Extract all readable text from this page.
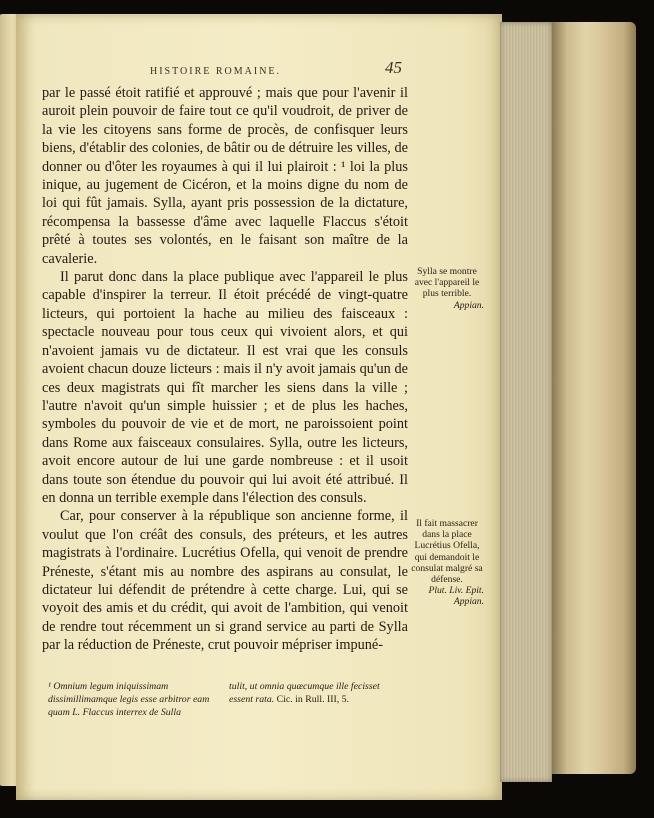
HISTOIRE ROMAINE.	45

par le passé étoit ratifié et approuvé ; mais que pour l'avenir il auroit plein pouvoir de faire tout ce qu'il voudroit, de priver de la vie les citoyens sans forme de procès, de confisquer leurs biens, d'établir des colonies, de bâtir ou de détruire les villes, de donner ou d'ôter les royaumes à qui il lui plairoit : ¹ loi la plus inique, au jugement de Cicéron, et la moins digne du nom de loi qui fût jamais. Sylla, ayant pris possession de la dictature, récompensa la bassesse d'âme avec laquelle Flaccus s'étoit prêté à toutes ses volontés, en le faisant son maître de la cavalerie.

Il parut donc dans la place publique avec l'appareil le plus capable d'inspirer la terreur. Il étoit précédé de vingt-quatre licteurs, qui portoient la hache au milieu des faisceaux : spectacle nouveau pour tous ceux qui vivoient alors, et qui n'avoient jamais vu de dictateur. Il est vrai que les consuls avoient chacun douze licteurs : mais il n'y avoit jamais qu'un de ces deux magistrats qui fît marcher les siens dans la ville ; l'autre n'avoit qu'un simple huissier ; et de plus les haches, symboles du pouvoir de vie et de mort, ne paroissoient point dans Rome aux faisceaux consulaires. Sylla, outre les licteurs, avoit encore autour de lui une garde nombreuse : et il usoit dans toute son étendue du pouvoir qui lui avoit été attribué. Il en donna un terrible exemple dans l'élection des consuls.

Car, pour conserver à la république son ancienne forme, il voulut que l'on créât des consuls, des préteurs, et les autres magistrats à l'ordinaire. Lucrétius Ofella, qui venoit de prendre Préneste, s'étant mis au nombre des aspirans au consulat, le dictateur lui défendit de prétendre à cette charge. Lui, qui se voyoit des amis et du crédit, qui avoit de l'ambition, qui venoit de rendre tout récemment un si grand service au parti de Sylla par la réduction de Préneste, crut pouvoir mépriser impuné-

Sylla se montre avec l'appareil le plus terrible.
Appian.
Il fait massacrer dans la place Lucrétius Ofella, qui demandoit le consulat malgré sa défense.
Plut. Liv. Epit. Appian.
¹ Omnium legum iniquissimam dissimillimamque legis esse arbitror eam quam L. Flaccus interrex de Sulla
tulit, ut omnia quæcumque ille fecisset essent rata. Cic. in Rull. III, 5.
